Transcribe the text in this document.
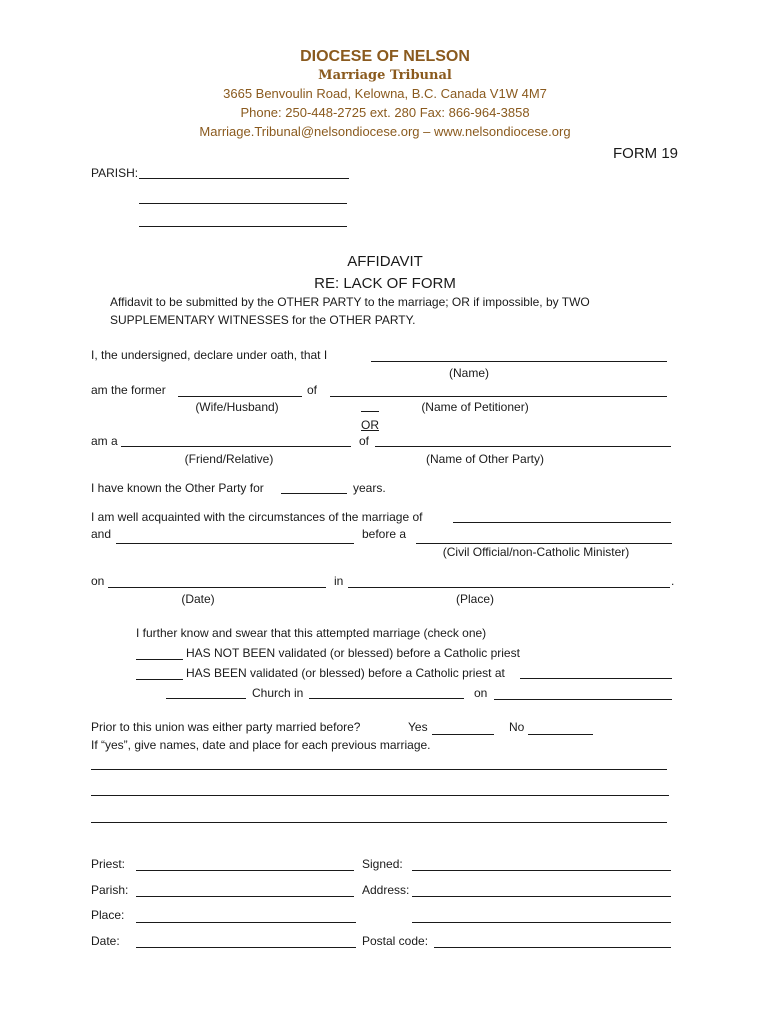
DIOCESE OF NELSON
Marriage Tribunal
3665 Benvoulin Road, Kelowna, B.C. Canada V1W 4M7
Phone: 250-448-2725 ext. 280 Fax: 866-964-3858
Marriage.Tribunal@nelsondiocese.org – www.nelsondiocese.org
FORM 19
PARISH:
AFFIDAVIT
RE: LACK OF FORM
Affidavit to be submitted by the OTHER PARTY to the marriage; OR if impossible, by TWO
SUPPLEMENTARY WITNESSES for the OTHER PARTY.
I, the undersigned, declare under oath, that I
(Name)
am the former	of
(Wife/Husband)	(Name of Petitioner)
OR
am a	of
(Friend/Relative)	(Name of Other Party)
I have known the Other Party for	years.
I am well acquainted with the circumstances of the marriage of
and	before a
(Civil Official/non-Catholic Minister)
on	in	.
(Date)	(Place)
I further know and swear that this attempted marriage (check one)
HAS NOT BEEN validated (or blessed) before a Catholic priest
HAS BEEN validated (or blessed) before a Catholic priest at
Church in	on
Prior to this union was either party married before?	Yes	No
If “yes”, give names, date and place for each previous marriage.
Priest:	Signed:
Parish:	Address:
Place:
Date:	Postal code:
